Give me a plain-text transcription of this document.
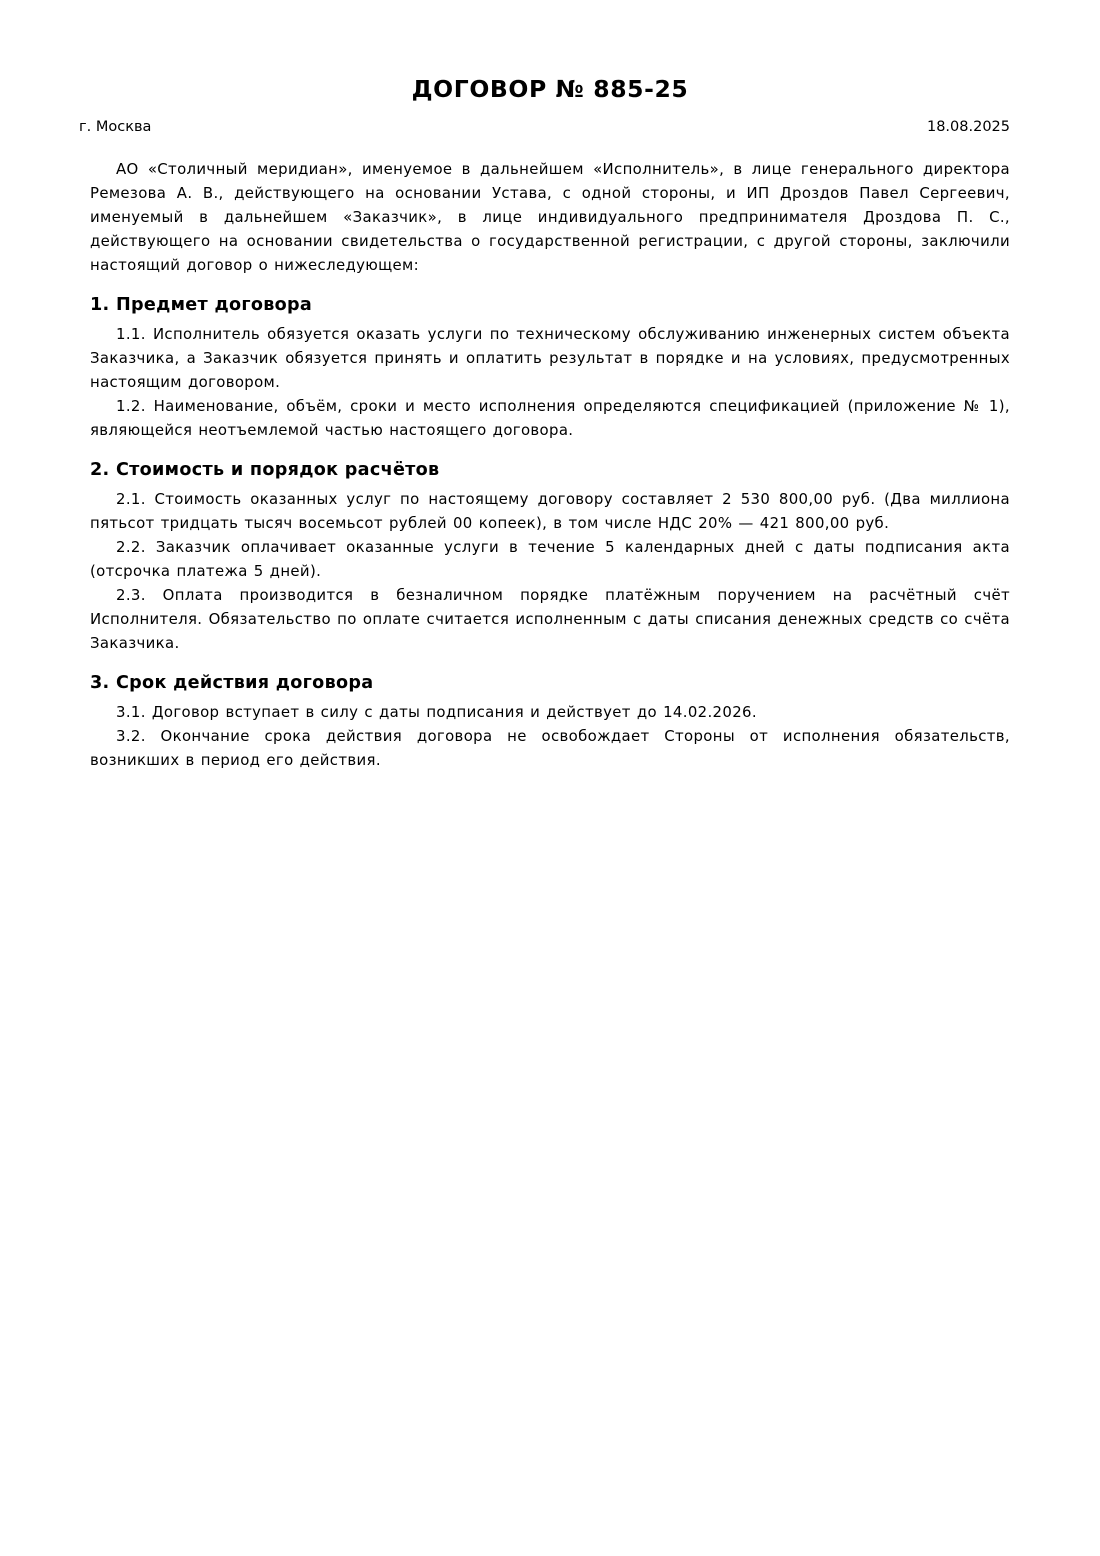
ДОГОВОР № 885-25
г. Москва	18.08.2025

АО «Столичный меридиан», именуемое в дальнейшем «Исполнитель», в лице генерального директора Ремезова А. В., действующего на основании Устава, с одной стороны, и ИП Дроздов Павел Сергеевич, именуемый в дальнейшем «Заказчик», в лице индивидуального предпринимателя Дроздова П. С., действующего на основании свидетельства о государственной регистрации, с другой стороны, заключили настоящий договор о нижеследующем:

1. Предмет договора

1.1. Исполнитель обязуется оказать услуги по техническому обслуживанию инженерных систем объекта Заказчика, а Заказчик обязуется принять и оплатить результат в порядке и на условиях, предусмотренных настоящим договором.

1.2. Наименование, объём, сроки и место исполнения определяются спецификацией (приложение № 1), являющейся неотъемлемой частью настоящего договора.

2. Стоимость и порядок расчётов

2.1. Стоимость оказанных услуг по настоящему договору составляет 2 530 800,00 руб. (Два миллиона пятьсот тридцать тысяч восемьсот рублей 00 копеек), в том числе НДС 20% — 421 800,00 руб.

2.2. Заказчик оплачивает оказанные услуги в течение 5 календарных дней с даты подписания акта (отсрочка платежа 5 дней).

2.3. Оплата производится в безналичном порядке платёжным поручением на расчётный счёт Исполнителя. Обязательство по оплате считается исполненным с даты списания денежных средств со счёта Заказчика.

3. Срок действия договора

3.1. Договор вступает в силу с даты подписания и действует до 14.02.2026.

3.2. Окончание срока действия договора не освобождает Стороны от исполнения обязательств, возникших в период его действия.
